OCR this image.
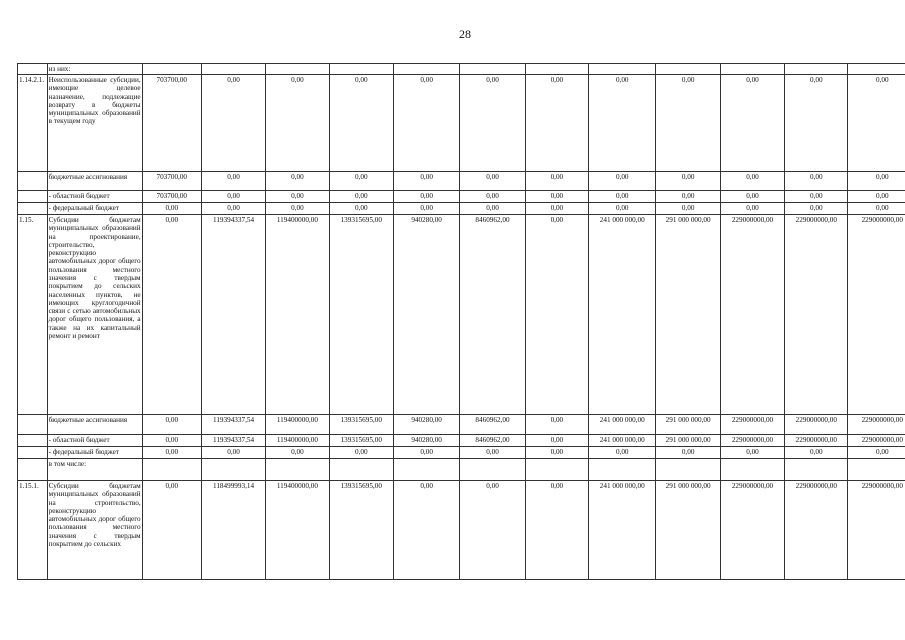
28
	из них:												
1.14.2.1.	Неиспользованные субсидии, имеющие целевое назначение, подлежащие возврату в бюджеты муниципальных образований в текущем году	703700,00	0,00	0,00	0,00	0,00	0,00	0,00	0,00	0,00	0,00	0,00	0,00
	бюджетные ассигнования	703700,00	0,00	0,00	0,00	0,00	0,00	0,00	0,00	0,00	0,00	0,00	0,00
	- областной бюджет	703700,00	0,00	0,00	0,00	0,00	0,00	0,00	0,00	0,00	0,00	0,00	0,00
	- федеральный бюджет	0,00	0,00	0,00	0,00	0,00	0,00	0,00	0,00	0,00	0,00	0,00	0,00
1.15.	Субсидии бюджетам муниципальных образований на проектирование, строительство, реконструкцию автомобильных дорог общего пользования местного значения с твердым покрытием до сельских населенных пунктов, не имеющих круглогодичной связи с сетью автомобильных дорог общего пользования, а также на их капитальный ремонт и ремонт	0,00	119394337,54	119400000,00	139315695,00	940280,00	8460962,00	0,00	241 000 000,00	291 000 000,00	229000000,00	229000000,00	229000000,00
	бюджетные ассигнования	0,00	119394337,54	119400000,00	139315695,00	940280,00	8460962,00	0,00	241 000 000,00	291 000 000,00	229000000,00	229000000,00	229000000,00
	- областной бюджет	0,00	119394337,54	119400000,00	139315695,00	940280,00	8460962,00	0,00	241 000 000,00	291 000 000,00	229000000,00	229000000,00	229000000,00
	- федеральный бюджет	0,00	0,00	0,00	0,00	0,00	0,00	0,00	0,00	0,00	0,00	0,00	0,00
	в том числе:												
1.15.1.	Субсидии бюджетам муниципальных образований на строительство, реконструкцию автомобильных дорог общего пользования местного значения с твердым покрытием до сельских	0,00	118499993,14	119400000,00	139315695,00	0,00	0,00	0,00	241 000 000,00	291 000 000,00	229000000,00	229000000,00	229000000,00
